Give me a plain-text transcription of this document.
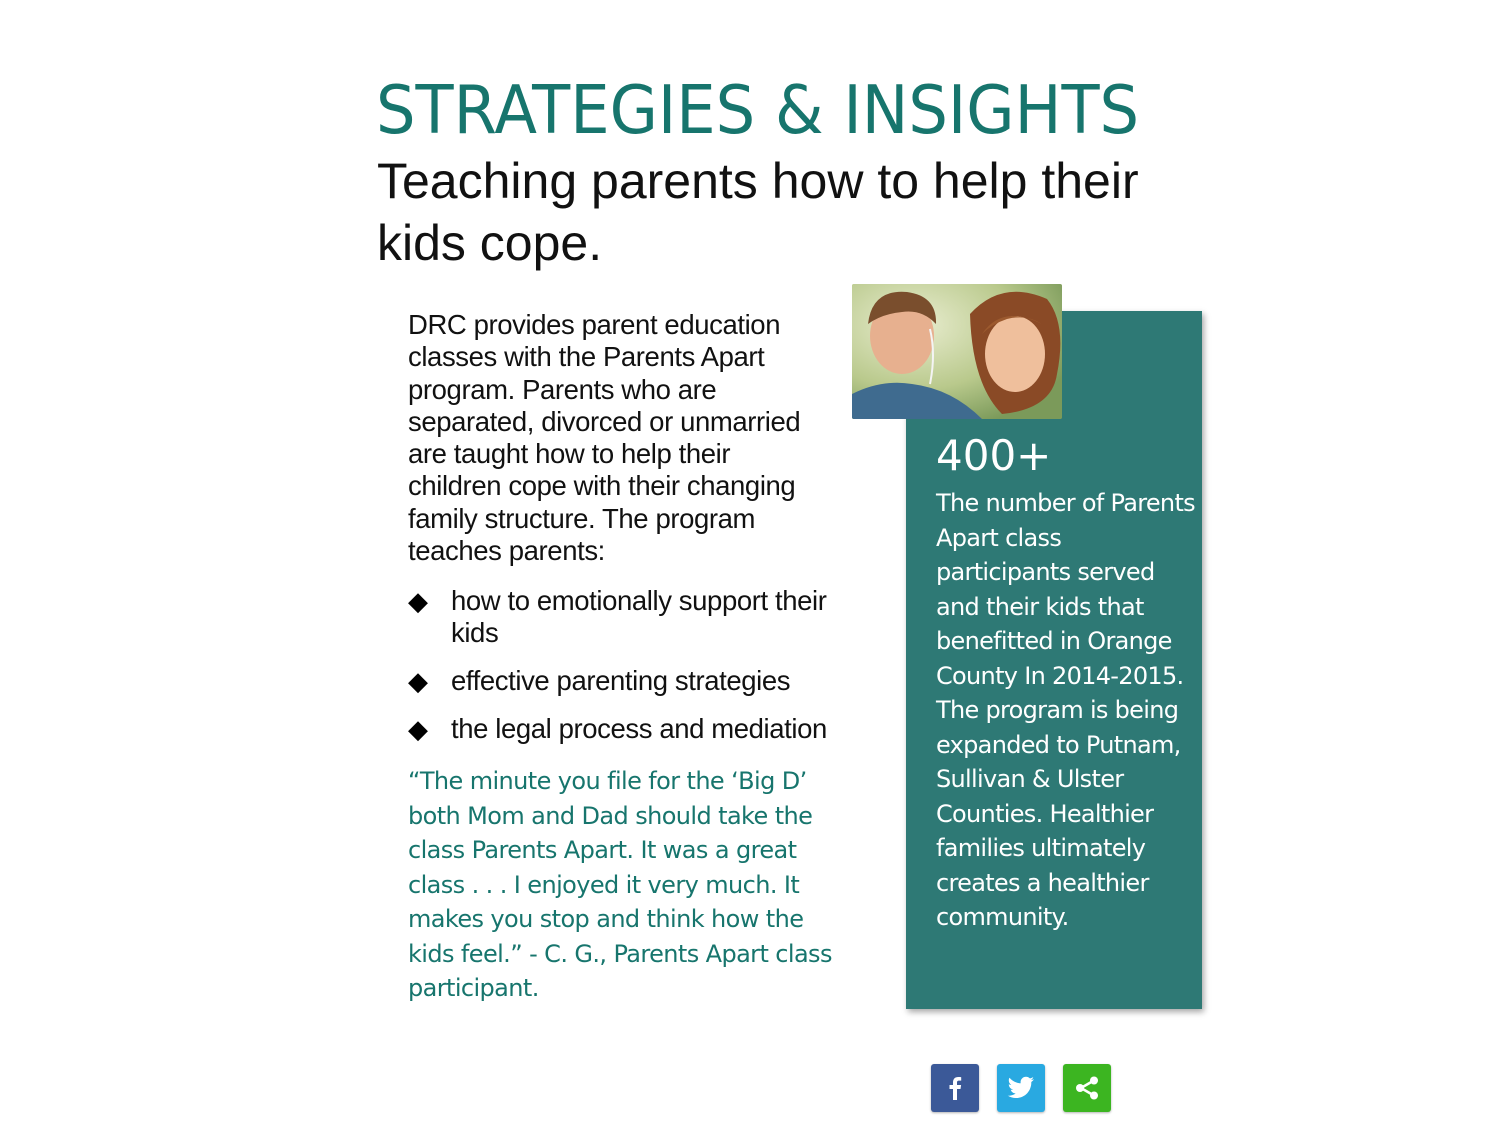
STRATEGIES & INSIGHTS
Teaching parents how to help their kids cope.
DRC provides parent education classes with the Parents Apart program. Parents who are separated, divorced or unmarried are taught how to help their children cope with their changing family structure. The program teaches parents:
◆ how to emotionally support their kids
◆ effective parenting strategies
◆ the legal process and mediation
“The minute you file for the ‘Big D’ both Mom and Dad should take the class Parents Apart. It was a great class . . . I enjoyed it very much. It makes you stop and think how the kids feel.” - C. G., Parents Apart class participant.
400+
The number of Parents Apart class participants served and their kids that benefitted in Orange County In 2014-2015. The program is being expanded to Putnam, Sullivan & Ulster Counties. Healthier families ultimately creates a healthier community.
